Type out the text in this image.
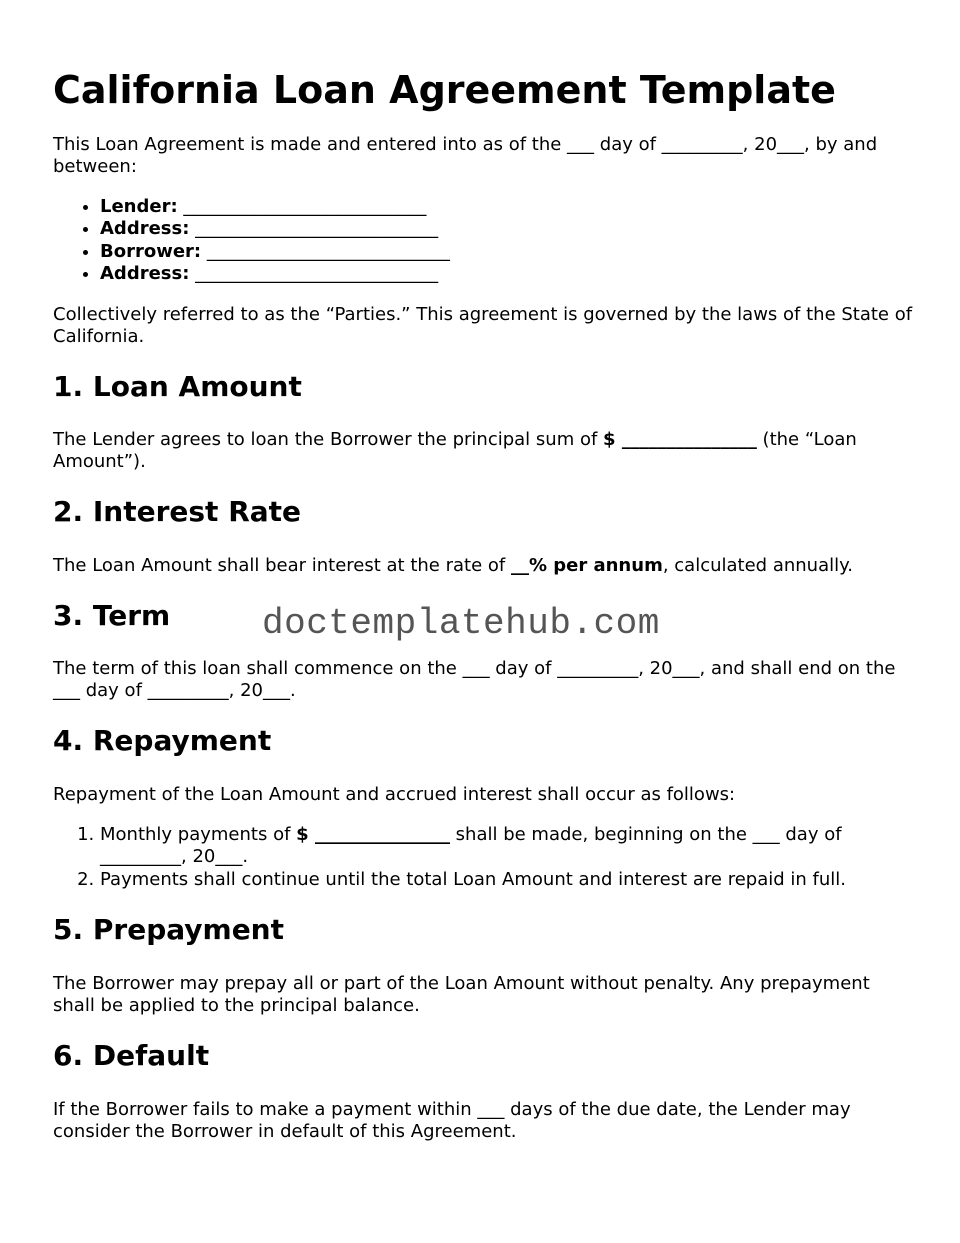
California Loan Agreement Template

This Loan Agreement is made and entered into as of the ___ day of _________, 20___, by and between:

• Lender: ___________________________
• Address: ___________________________
• Borrower: ___________________________
• Address: ___________________________

Collectively referred to as the “Parties.” This agreement is governed by the laws of the State of California.

1. Loan Amount

The Lender agrees to loan the Borrower the principal sum of $ _______________ (the “Loan Amount”).

2. Interest Rate

The Loan Amount shall bear interest at the rate of __% per annum, calculated annually.

3. Term

The term of this loan shall commence on the ___ day of _________, 20___, and shall end on the ___ day of _________, 20___.

4. Repayment

Repayment of the Loan Amount and accrued interest shall occur as follows:

1. Monthly payments of $ _______________ shall be made, beginning on the ___ day of _________, 20___.
2. Payments shall continue until the total Loan Amount and interest are repaid in full.
5. Prepayment

The Borrower may prepay all or part of the Loan Amount without penalty. Any prepayment shall be applied to the principal balance.

6. Default

If the Borrower fails to make a payment within ___ days of the due date, the Lender may consider the Borrower in default of this Agreement.

doctemplatehub.com
